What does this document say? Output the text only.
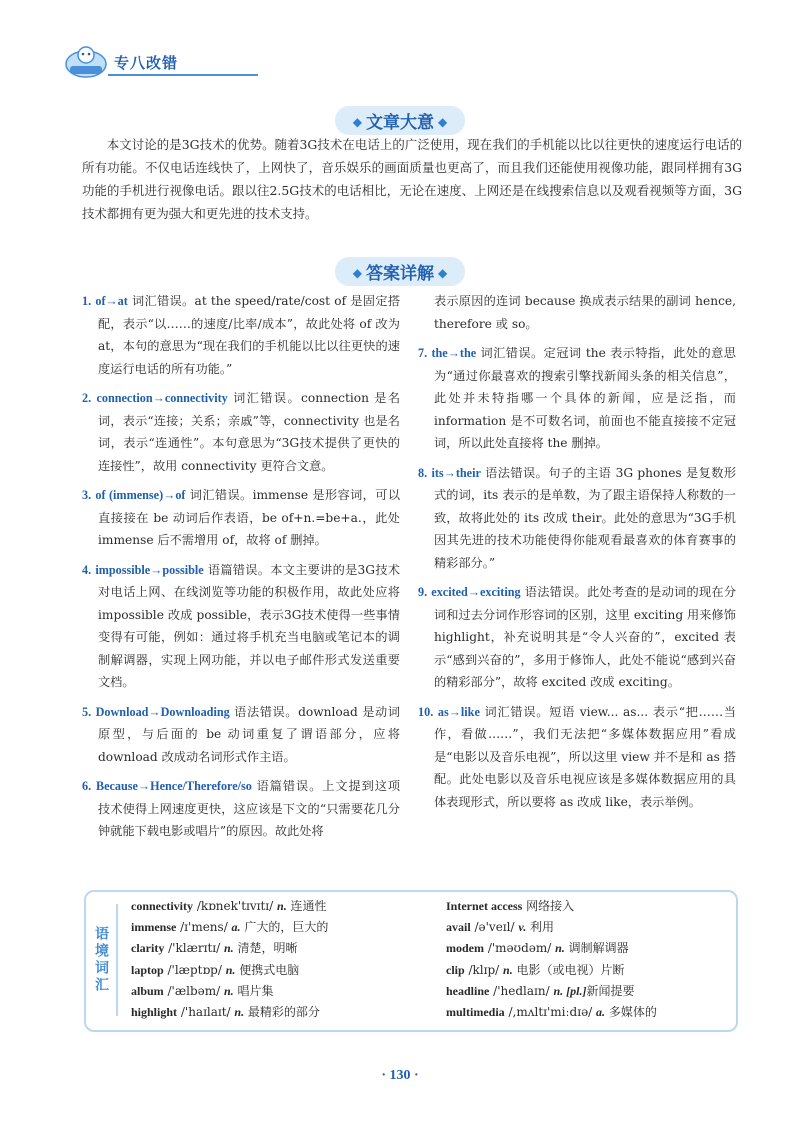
专八改错
◆ 文章大意 ◆

本文讨论的是3G技术的优势。随着3G技术在电话上的广泛使用，现在我们的手机能以比以往更快的速度运行电话的所有功能。不仅电话连线快了，上网快了，音乐娱乐的画面质量也更高了，而且我们还能使用视像功能，跟同样拥有3G功能的手机进行视像电话。跟以往2.5G技术的电话相比，无论在速度、上网还是在线搜索信息以及观看视频等方面，3G技术都拥有更为强大和更先进的技术支持。

◆ 答案详解 ◆

1. of→at 词汇错误。at the speed/rate/cost of 是固定搭配，表示“以……的速度/比率/成本”，故此处将 of 改为 at，本句的意思为“现在我们的手机能以比以往更快的速度运行电话的所有功能。”

2. connection→connectivity 词汇错误。connection 是名词，表示“连接；关系；亲戚”等，connectivity 也是名词，表示“连通性”。本句意思为“3G技术提供了更快的连接性”，故用 connectivity 更符合文意。

3. of (immense)→of 词汇错误。immense 是形容词，可以直接接在 be 动词后作表语，be of+n.=be+a.，此处 immense 后不需增用 of，故将 of 删掉。

4. impossible→possible 语篇错误。本文主要讲的是3G技术对电话上网、在线浏览等功能的积极作用，故此处应将 impossible 改成 possible，表示3G技术使得一些事情变得有可能，例如：通过将手机充当电脑或笔记本的调制解调器，实现上网功能，并以电子邮件形式发送重要文档。

5. Download→Downloading 语法错误。download 是动词原型，与后面的 be 动词重复了谓语部分，应将 download 改成动名词形式作主语。

6. Because→Hence/Therefore/so 语篇错误。上文提到这项技术使得上网速度更快，这应该是下文的“只需要花几分钟就能下载电影或唱片”的原因。故此处将

表示原因的连词 because 换成表示结果的副词 hence, therefore 或 so。

7. the→the 词汇错误。定冠词 the 表示特指，此处的意思为“通过你最喜欢的搜索引擎找新闻头条的相关信息”，此处并未特指哪一个具体的新闻，应是泛指，而 information 是不可数名词，前面也不能直接接不定冠词，所以此处直接将 the 删掉。

8. its→their 语法错误。句子的主语 3G phones 是复数形式的词，its 表示的是单数，为了跟主语保持人称数的一致，故将此处的 its 改成 their。此处的意思为“3G手机因其先进的技术功能使得你能观看最喜欢的体育赛事的精彩部分。”

9. excited→exciting 语法错误。此处考查的是动词的现在分词和过去分词作形容词的区别，这里 exciting 用来修饰 highlight，补充说明其是“令人兴奋的”，excited 表示“感到兴奋的”，多用于修饰人，此处不能说“感到兴奋的精彩部分”，故将 excited 改成 exciting。

10. as→like 词汇错误。短语 view... as... 表示“把……当作，看做……”，我们无法把“多媒体数据应用”看成是“电影以及音乐电视”，所以这里 view 并不是和 as 搭配。此处电影以及音乐电视应该是多媒体数据应用的具体表现形式，所以要将 as 改成 like，表示举例。

语境词汇
connectivity /kɒnek'tɪvɪtɪ/ n. 连通性
immense /ɪ'mens/ a. 广大的，巨大的
clarity /'klærɪtɪ/ n. 清楚，明晰
laptop /'læptɒp/ n. 便携式电脑
album /'ælbəm/ n. 唱片集
highlight /'haɪlaɪt/ n. 最精彩的部分
Internet access 网络接入
avail /ə'veɪl/ v. 利用
modem /'məʊdəm/ n. 调制解调器
clip /klɪp/ n. 电影（或电视）片断
headline /'hedlaɪn/ n. [pl.]新闻提要
multimedia /,mʌltɪ'miːdɪə/ a. 多媒体的
· 130 ·
